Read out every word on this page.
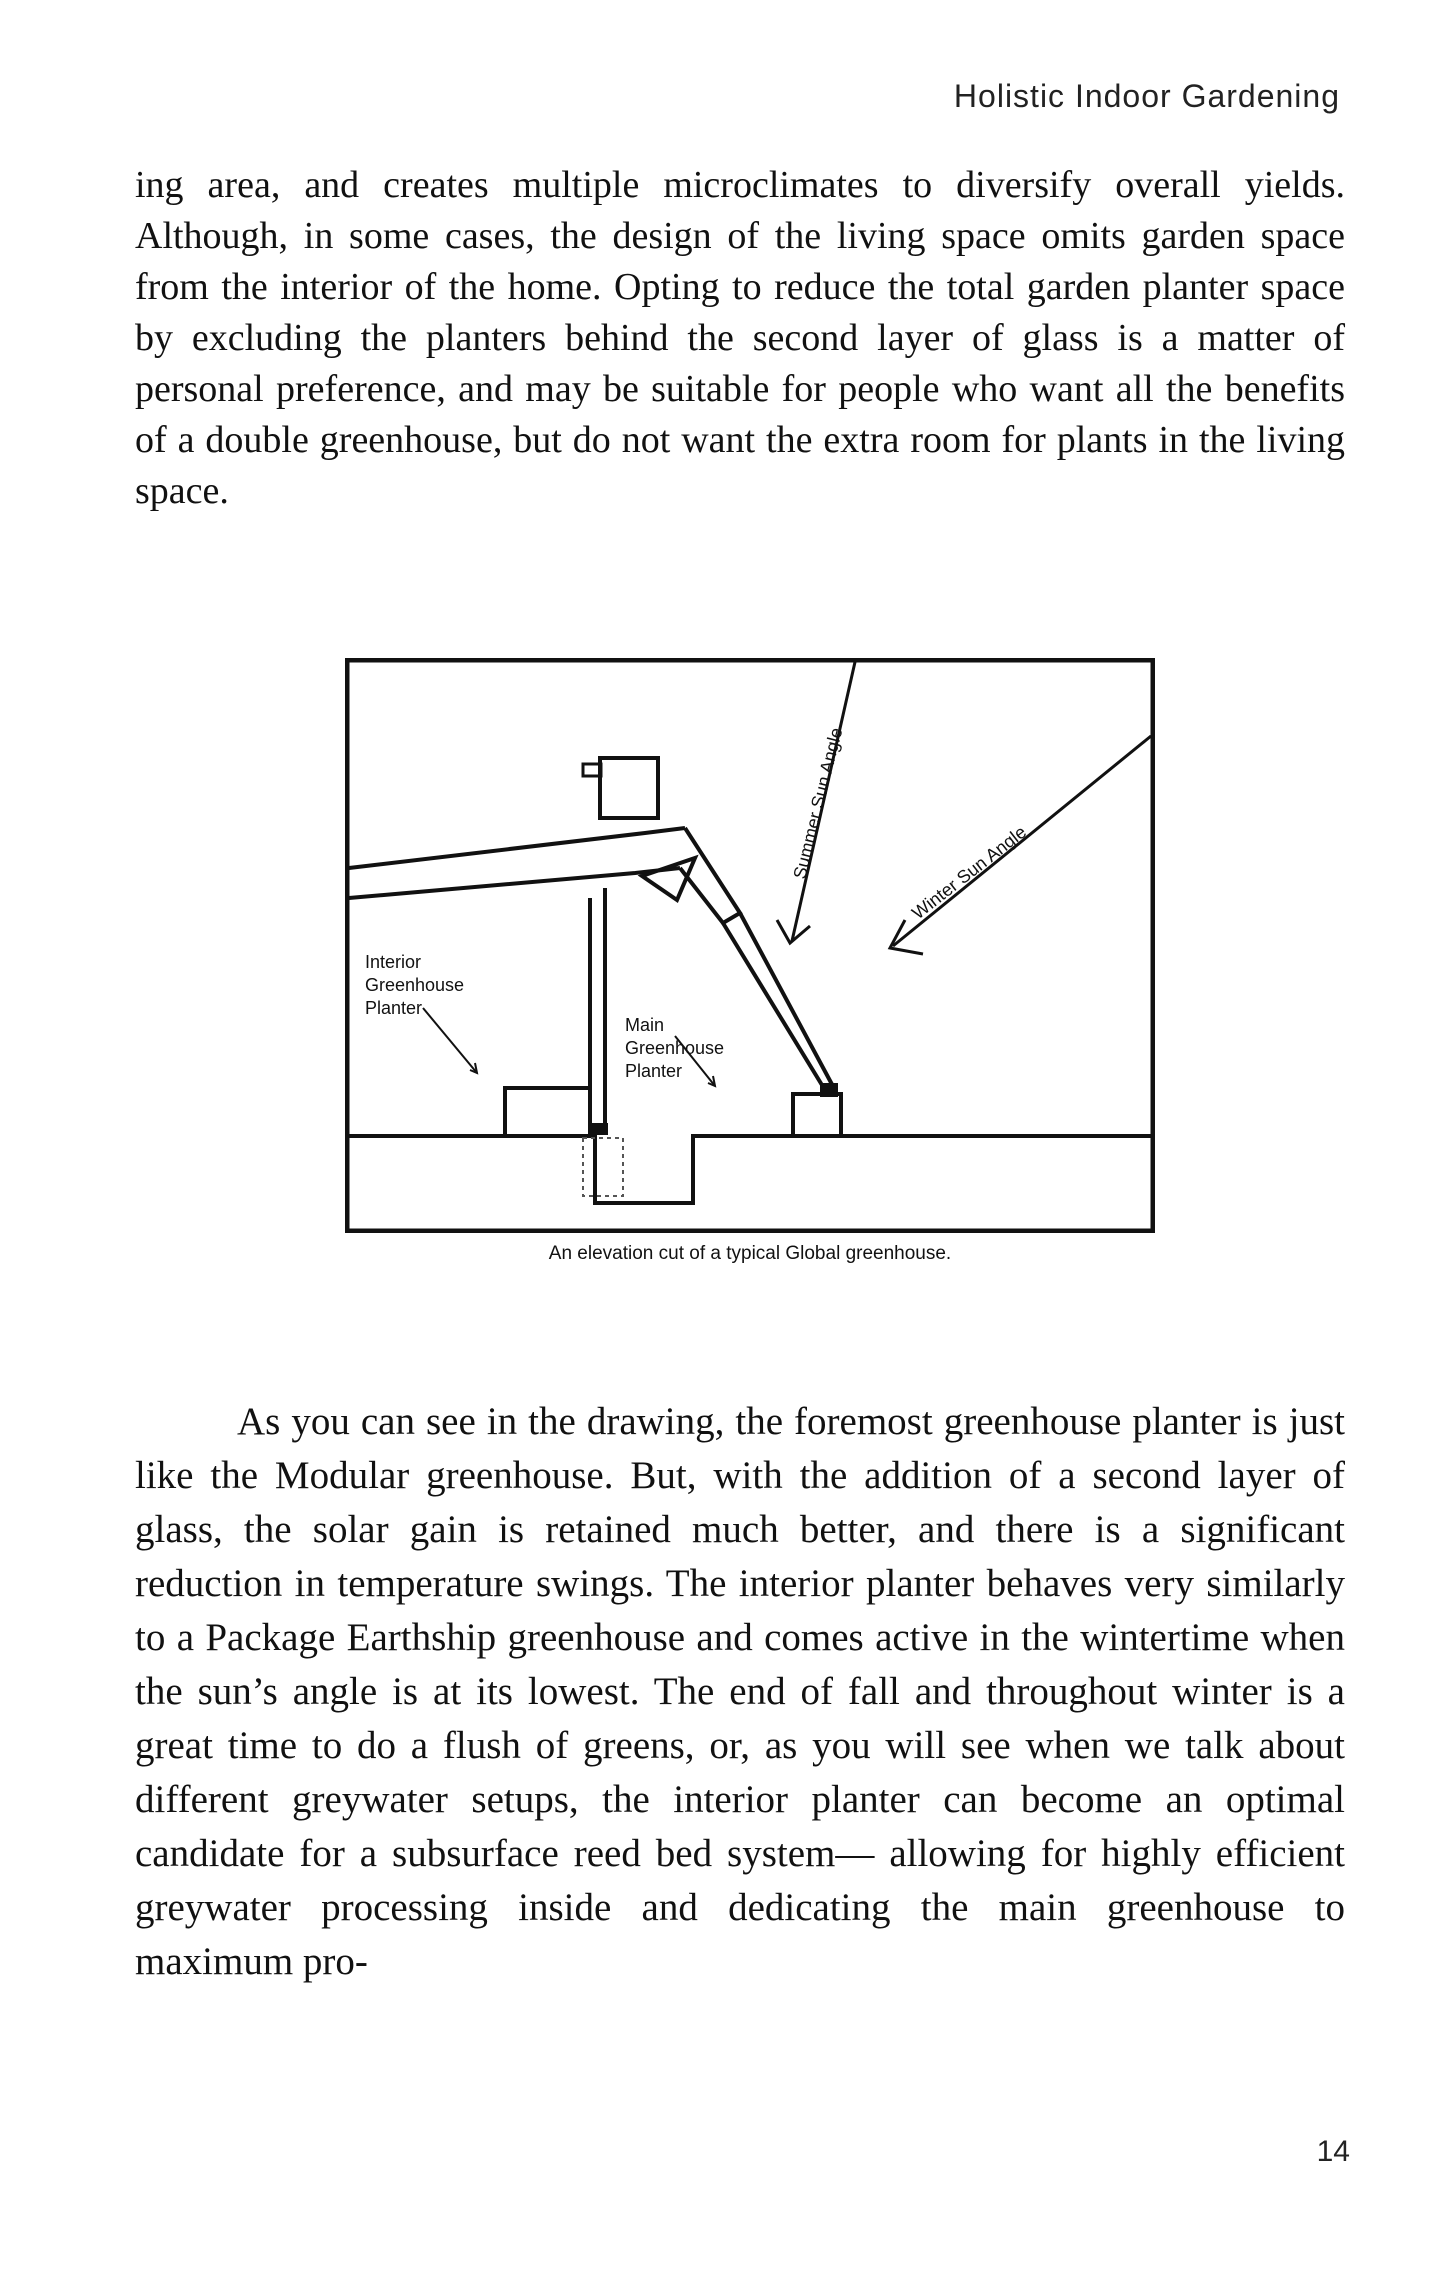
Holistic Indoor Gardening

ing area, and creates multiple microclimates to diversify overall yields. Although, in some cases, the design of the living space omits garden space from the interior of the home. Opting to reduce the total garden planter space by excluding the planters behind the second layer of glass is a matter of personal preference, and may be suitable for people who want all the benefits of a double greenhouse, but do not want the extra room for plants in the living space.

Interior
Greenhouse
Planter
Main
Greenhouse
Planter
Summer Sun Angle	Winter Sun Angle
An elevation cut of a typical Global greenhouse.

As you can see in the drawing, the foremost greenhouse planter is just like the Modular greenhouse. But, with the addition of a second layer of glass, the solar gain is retained much better, and there is a significant reduction in temperature swings. The interior planter behaves very similarly to a Package Earthship greenhouse and comes active in the wintertime when the sun’s angle is at its lowest. The end of fall and throughout winter is a great time to do a flush of greens, or, as you will see when we talk about different greywater setups, the interior planter can become an optimal candidate for a subsurface reed bed system— allowing for highly efficient greywater processing inside and dedicating the main greenhouse to maximum pro-

14
